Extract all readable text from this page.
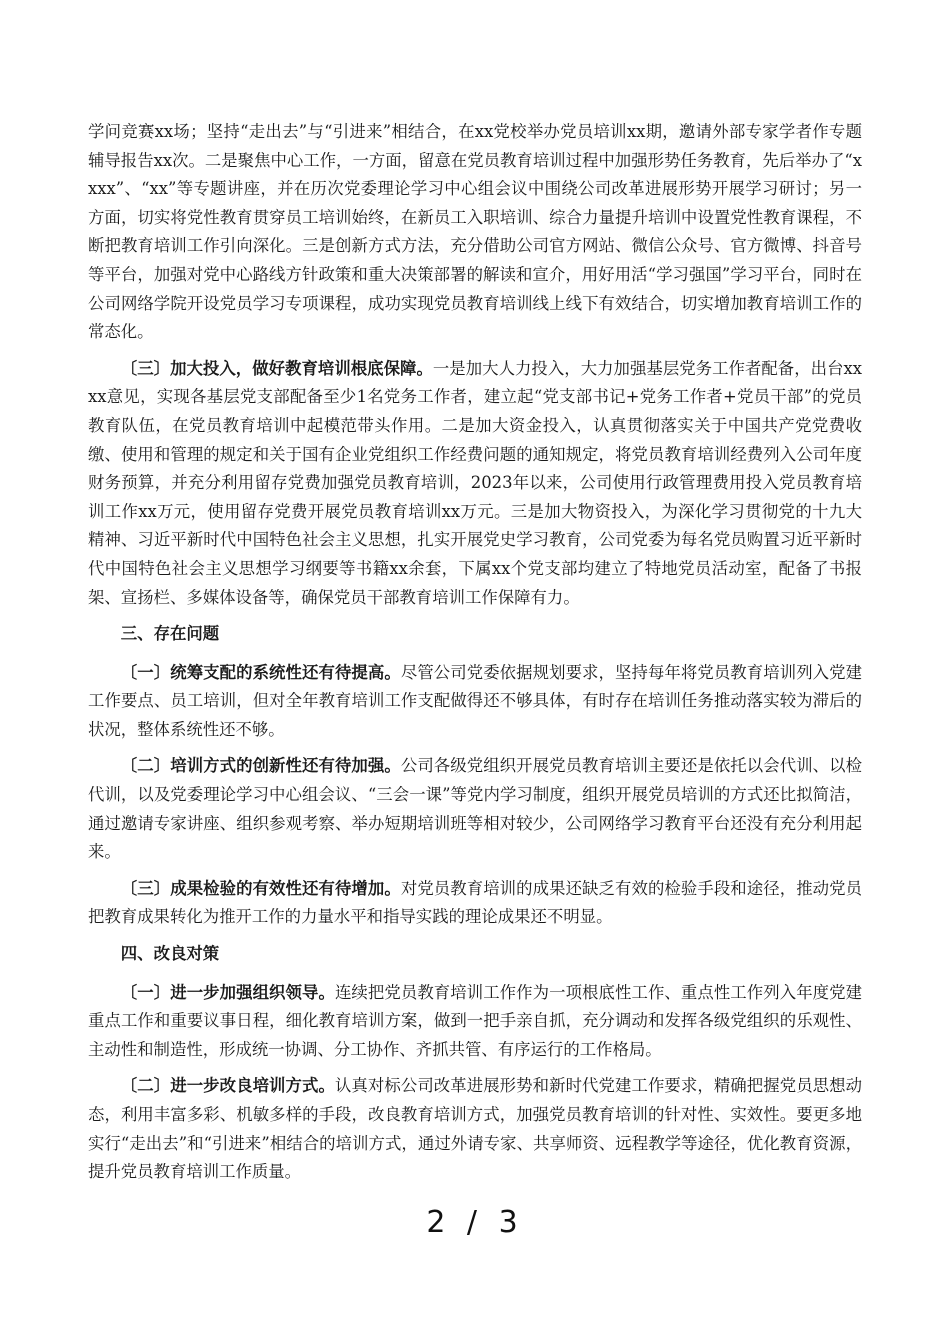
学问竞赛xx场；坚持“走出去”与“引进来”相结合，在xx党校举办党员培训xx期，邀请外部专家学者作专题辅导报告xx次。二是聚焦中心工作，一方面，留意在党员教育培训过程中加强形势任务教育，先后举办了“xxxx”、“xx”等专题讲座，并在历次党委理论学习中心组会议中围绕公司改革进展形势开展学习研讨；另一方面，切实将党性教育贯穿员工培训始终，在新员工入职培训、综合力量提升培训中设置党性教育课程，不断把教育培训工作引向深化。三是创新方式方法，充分借助公司官方网站、微信公众号、官方微博、抖音号等平台，加强对党中心路线方针政策和重大决策部署的解读和宣介，用好用活“学习强国”学习平台，同时在公司网络学院开设党员学习专项课程，成功实现党员教育培训线上线下有效结合，切实增加教育培训工作的常态化。

〔三〕加大投入，做好教育培训根底保障。一是加大人力投入，大力加强基层党务工作者配备，出台xxxx意见，实现各基层党支部配备至少1名党务工作者，建立起“党支部书记+党务工作者+党员干部”的党员教育队伍，在党员教育培训中起模范带头作用。二是加大资金投入，认真贯彻落实关于中国共产党党费收缴、使用和管理的规定和关于国有企业党组织工作经费问题的通知规定，将党员教育培训经费列入公司年度财务预算，并充分利用留存党费加强党员教育培训，2023年以来，公司使用行政管理费用投入党员教育培训工作xx万元，使用留存党费开展党员教育培训xx万元。三是加大物资投入，为深化学习贯彻党的十九大精神、习近平新时代中国特色社会主义思想，扎实开展党史学习教育，公司党委为每名党员购置习近平新时代中国特色社会主义思想学习纲要等书籍xx余套，下属xx个党支部均建立了特地党员活动室，配备了书报架、宣扬栏、多媒体设备等，确保党员干部教育培训工作保障有力。

三、存在问题

〔一〕统筹支配的系统性还有待提高。尽管公司党委依据规划要求，坚持每年将党员教育培训列入党建工作要点、员工培训，但对全年教育培训工作支配做得还不够具体，有时存在培训任务推动落实较为滞后的状况，整体系统性还不够。

〔二〕培训方式的创新性还有待加强。公司各级党组织开展党员教育培训主要还是依托以会代训、以检代训，以及党委理论学习中心组会议、“三会一课”等党内学习制度，组织开展党员培训的方式还比拟简洁，通过邀请专家讲座、组织参观考察、举办短期培训班等相对较少，公司网络学习教育平台还没有充分利用起来。

〔三〕成果检验的有效性还有待增加。对党员教育培训的成果还缺乏有效的检验手段和途径，推动党员把教育成果转化为推开工作的力量水平和指导实践的理论成果还不明显。

四、改良对策

〔一〕进一步加强组织领导。连续把党员教育培训工作作为一项根底性工作、重点性工作列入年度党建重点工作和重要议事日程，细化教育培训方案，做到一把手亲自抓，充分调动和发挥各级党组织的乐观性、主动性和制造性，形成统一协调、分工协作、齐抓共管、有序运行的工作格局。

〔二〕进一步改良培训方式。认真对标公司改革进展形势和新时代党建工作要求，精确把握党员思想动态，利用丰富多彩、机敏多样的手段，改良教育培训方式，加强党员教育培训的针对性、实效性。要更多地实行“走出去”和“引进来”相结合的培训方式，通过外请专家、共享师资、远程教学等途径，优化教育资源，提升党员教育培训工作质量。

2 / 3
